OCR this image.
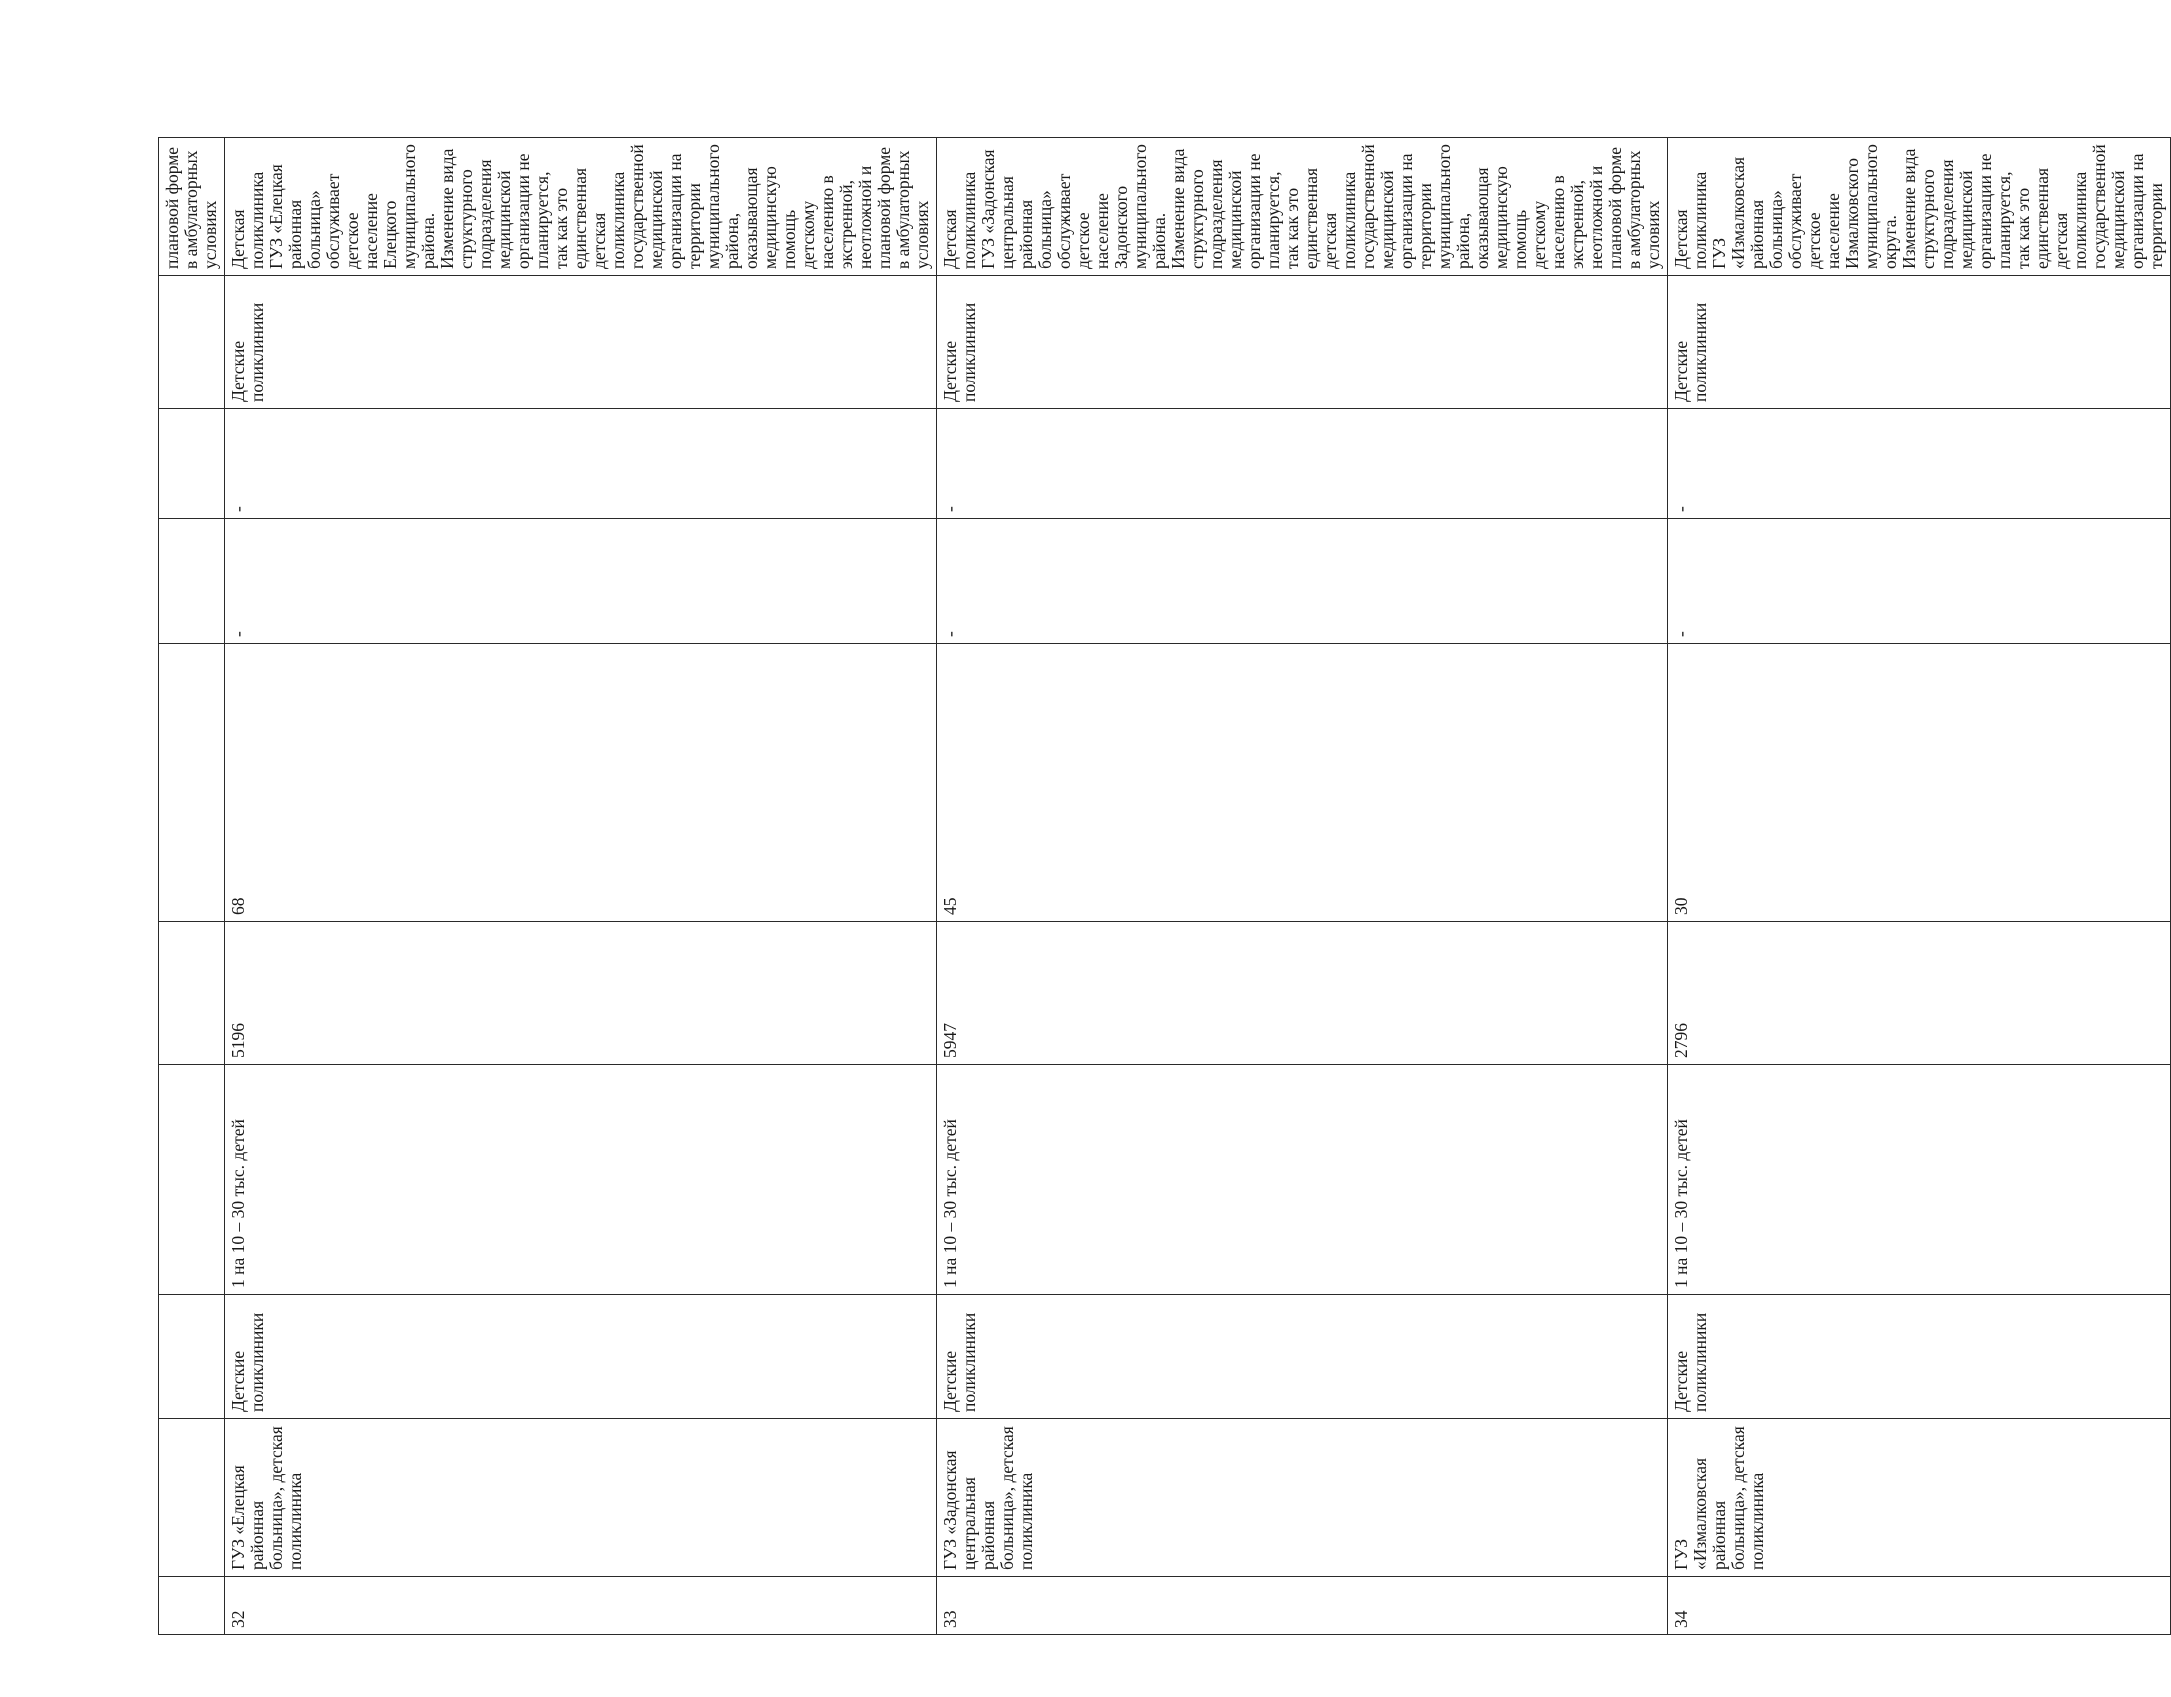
									плановой форме в амбулаторных условиях
32	ГУЗ «Елецкая районная больница», детская поликлиника	Детские поликлиники	1 на 10 – 30 тыс. детей	5196	68	-	-	Детские поликлиники	Детская поликлиника ГУЗ «Елецкая районная больница» обслуживает детское население Елецкого муниципального района. Изменение вида структурного подразделения медицинской организации не планируется, так как это единственная детская поликлиника государственной медицинской организации на территории муниципального района, оказывающая медицинскую помощь детскому населению в экстренной, неотложной и плановой форме в амбулаторных условиях
33	ГУЗ «Задонская центральная районная больница», детская поликлиника	Детские поликлиники	1 на 10 – 30 тыс. детей	5947	45	-	-	Детские поликлиники	Детская поликлиника ГУЗ «Задонская центральная районная больница» обслуживает детское население Задонского муниципального района. Изменение вида структурного подразделения медицинской организации не планируется, так как это единственная детская поликлиника государственной медицинской организации на территории муниципального района, оказывающая медицинскую помощь детскому населению в экстренной, неотложной и плановой форме в амбулаторных условиях
34	ГУЗ «Измалковская районная больница», детская поликлиника	Детские поликлиники	1 на 10 – 30 тыс. детей	2796	30	-	-	Детские поликлиники	Детская поликлиника ГУЗ «Измалковская районная больница» обслуживает детское население Измалковского муниципального округа. Изменение вида структурного подразделения медицинской организации не планируется, так как это единственная детская поликлиника государственной медицинской организации на территории
